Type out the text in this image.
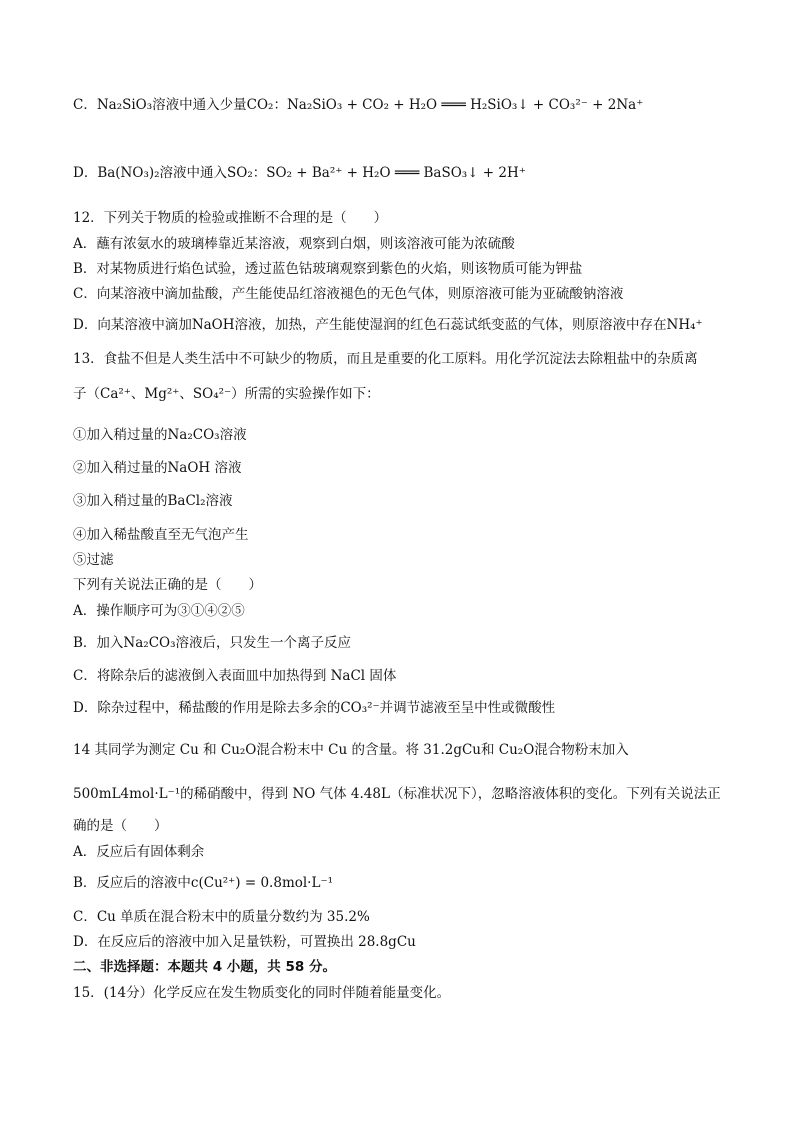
C．Na₂SiO₃溶液中通入少量CO₂：Na₂SiO₃ + CO₂ + H₂O ═══ H₂SiO₃↓ + CO₃²⁻ + 2Na⁺
D．Ba(NO₃)₂溶液中通入SO₂：SO₂ + Ba²⁺ + H₂O ═══ BaSO₃↓ + 2H⁺
12．下列关于物质的检验或推断不合理的是（　　）
A．蘸有浓氨水的玻璃棒靠近某溶液，观察到白烟，则该溶液可能为浓硫酸
B．对某物质进行焰色试验，透过蓝色钴玻璃观察到紫色的火焰，则该物质可能为钾盐
C．向某溶液中滴加盐酸，产生能使品红溶液褪色的无色气体，则原溶液可能为亚硫酸钠溶液
D．向某溶液中滴加NaOH溶液，加热，产生能使湿润的红色石蕊试纸变蓝的气体，则原溶液中存在NH₄⁺
13．食盐不但是人类生活中不可缺少的物质，而且是重要的化工原料。用化学沉淀法去除粗盐中的杂质离
子（Ca²⁺、Mg²⁺、SO₄²⁻）所需的实验操作如下：
①加入稍过量的Na₂CO₃溶液
②加入稍过量的NaOH 溶液
③加入稍过量的BaCl₂溶液
④加入稀盐酸直至无气泡产生
⑤过滤
下列有关说法正确的是（　　）
A．操作顺序可为③①④②⑤
B．加入Na₂CO₃溶液后，只发生一个离子反应
C．将除杂后的滤液倒入表面皿中加热得到 NaCl 固体
D．除杂过程中，稀盐酸的作用是除去多余的CO₃²⁻并调节滤液至呈中性或微酸性
14 其同学为测定 Cu 和 Cu₂O混合粉末中 Cu 的含量。将 31.2gCu和 Cu₂O混合物粉末加入
500mL4mol·L⁻¹的稀硝酸中，得到 NO 气体 4.48L（标准状况下），忽略溶液体积的变化。下列有关说法正
确的是（　　）
A．反应后有固体剩余
B．反应后的溶液中c(Cu²⁺) = 0.8mol·L⁻¹
C．Cu 单质在混合粉末中的质量分数约为 35.2%
D．在反应后的溶液中加入足量铁粉，可置换出 28.8gCu
二、非选择题：本题共 4 小题，共 58 分。
15．(14分）化学反应在发生物质变化的同时伴随着能量变化。
